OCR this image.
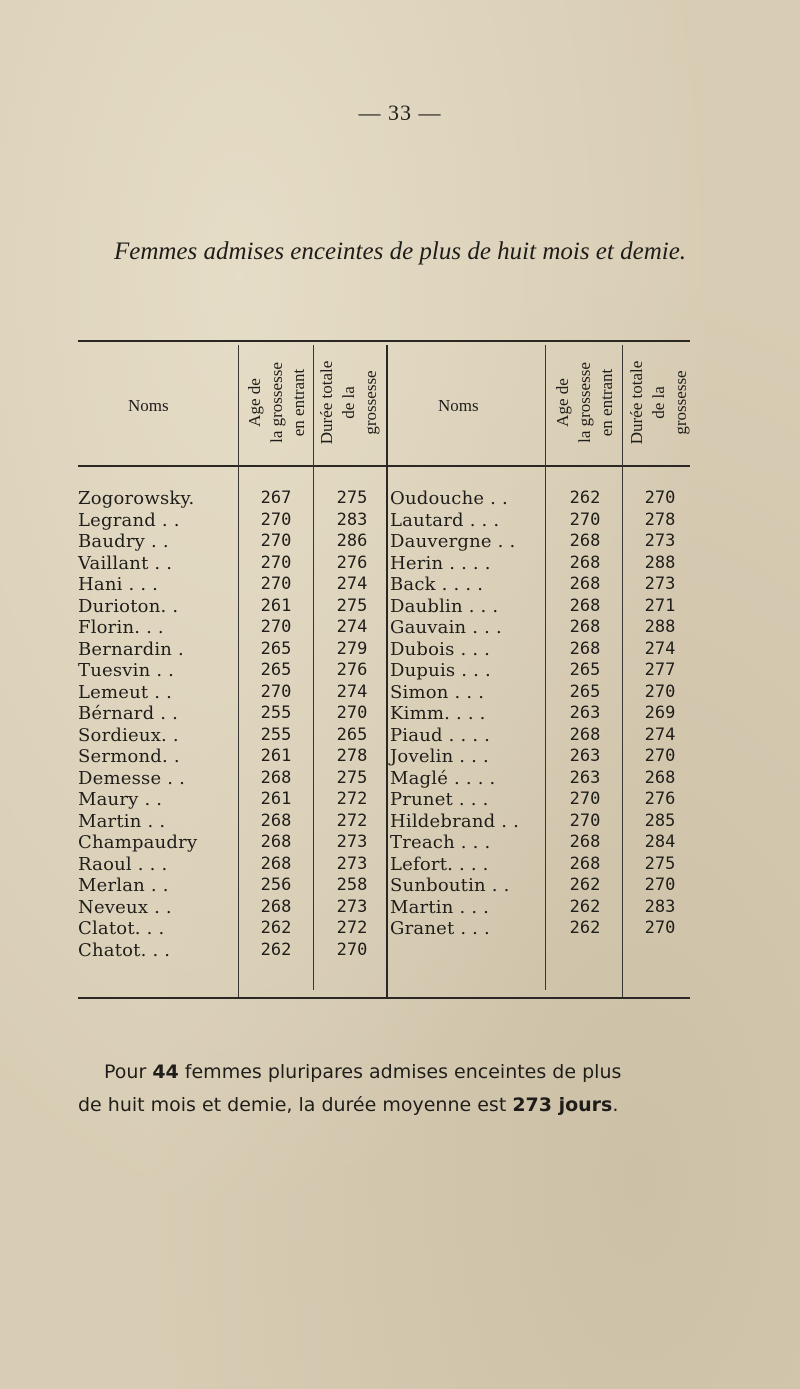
— 33 —
Femmes admises enceintes de plus de huit mois et demie.
Noms	Age de la grossesse en entrant Durée totale de la grossesse	Noms	Age de la grossesse en entrant Durée totale de la grossesse
Zogorowsky.	267	275	Oudouche . .	262	270
Legrand . .	270	283	Lautard . . .	270	278
Baudry . .	270	286	Dauvergne . .	268	273
Vaillant . .	270	276	Herin . . . .	268	288
Hani . . .	270	274	Back . . . .	268	273
Durioton. .	261	275	Daublin . . .	268	271
Florin. . .	270	274	Gauvain . . .	268	288
Bernardin .	265	279	Dubois . . .	268	274
Tuesvin . .	265	276	Dupuis . . .	265	277
Lemeut . .	270	274	Simon . . .	265	270
Bérnard . .	255	270	Kimm. . . .	263	269
Sordieux. .	255	265	Piaud . . . .	268	274
Sermond. .	261	278	Jovelin . . .	263	270
Demesse . .	268	275	Maglé . . . .	263	268
Maury . .	261	272	Prunet . . .	270	276
Martin . .	268	272	Hildebrand . .	270	285
Champaudry	268	273	Treach . . .	268	284
Raoul . . .	268	273	Lefort. . . .	268	275
Merlan . .	256	258	Sunboutin . .	262	270
Neveux . .	268	273	Martin . . .	262	283
Clatot. . .	262	272	Granet . . .	262	270
Chatot. . .	262	270

Pour 44 femmes pluripares admises enceintes de plus

de huit mois et demie, la durée moyenne est 273 jours.
